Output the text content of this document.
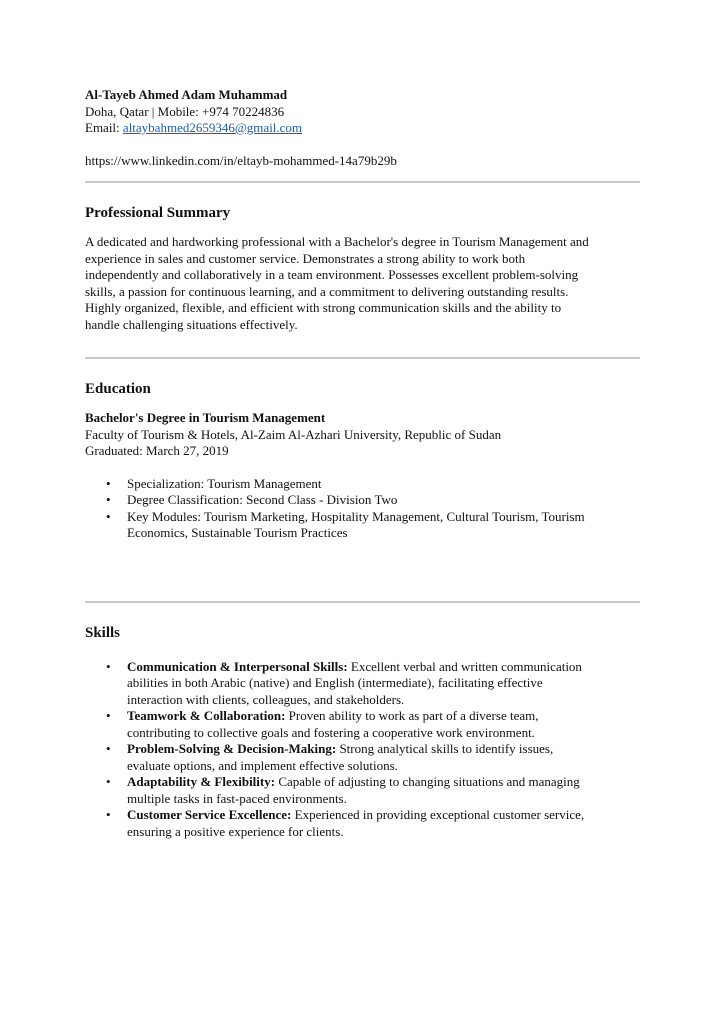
Al-Tayeb Ahmed Adam Muhammad
Doha, Qatar | Mobile: +974 70224836
Email: altaybahmed2659346@gmail.com
https://www.linkedin.com/in/eltayb-mohammed-14a79b29b
Professional Summary

A dedicated and hardworking professional with a Bachelor's degree in Tourism Management and
experience in sales and customer service. Demonstrates a strong ability to work both
independently and collaboratively in a team environment. Possesses excellent problem-solving
skills, a passion for continuous learning, and a commitment to delivering outstanding results.
Highly organized, flexible, and efficient with strong communication skills and the ability to
handle challenging situations effectively.

Education
Bachelor's Degree in Tourism Management
Faculty of Tourism & Hotels, Al-Zaim Al-Azhari University, Republic of Sudan
Graduated: March 27, 2019
• Specialization: Tourism Management
• Degree Classification: Second Class - Division Two
• Key Modules: Tourism Marketing, Hospitality Management, Cultural Tourism, Tourism
Economics, Sustainable Tourism Practices
Skills
• Communication & Interpersonal Skills: Excellent verbal and written communication
abilities in both Arabic (native) and English (intermediate), facilitating effective
interaction with clients, colleagues, and stakeholders.
• Teamwork & Collaboration: Proven ability to work as part of a diverse team,
contributing to collective goals and fostering a cooperative work environment.
• Problem-Solving & Decision-Making: Strong analytical skills to identify issues,
evaluate options, and implement effective solutions.
• Adaptability & Flexibility: Capable of adjusting to changing situations and managing
multiple tasks in fast-paced environments.
• Customer Service Excellence: Experienced in providing exceptional customer service,
ensuring a positive experience for clients.
